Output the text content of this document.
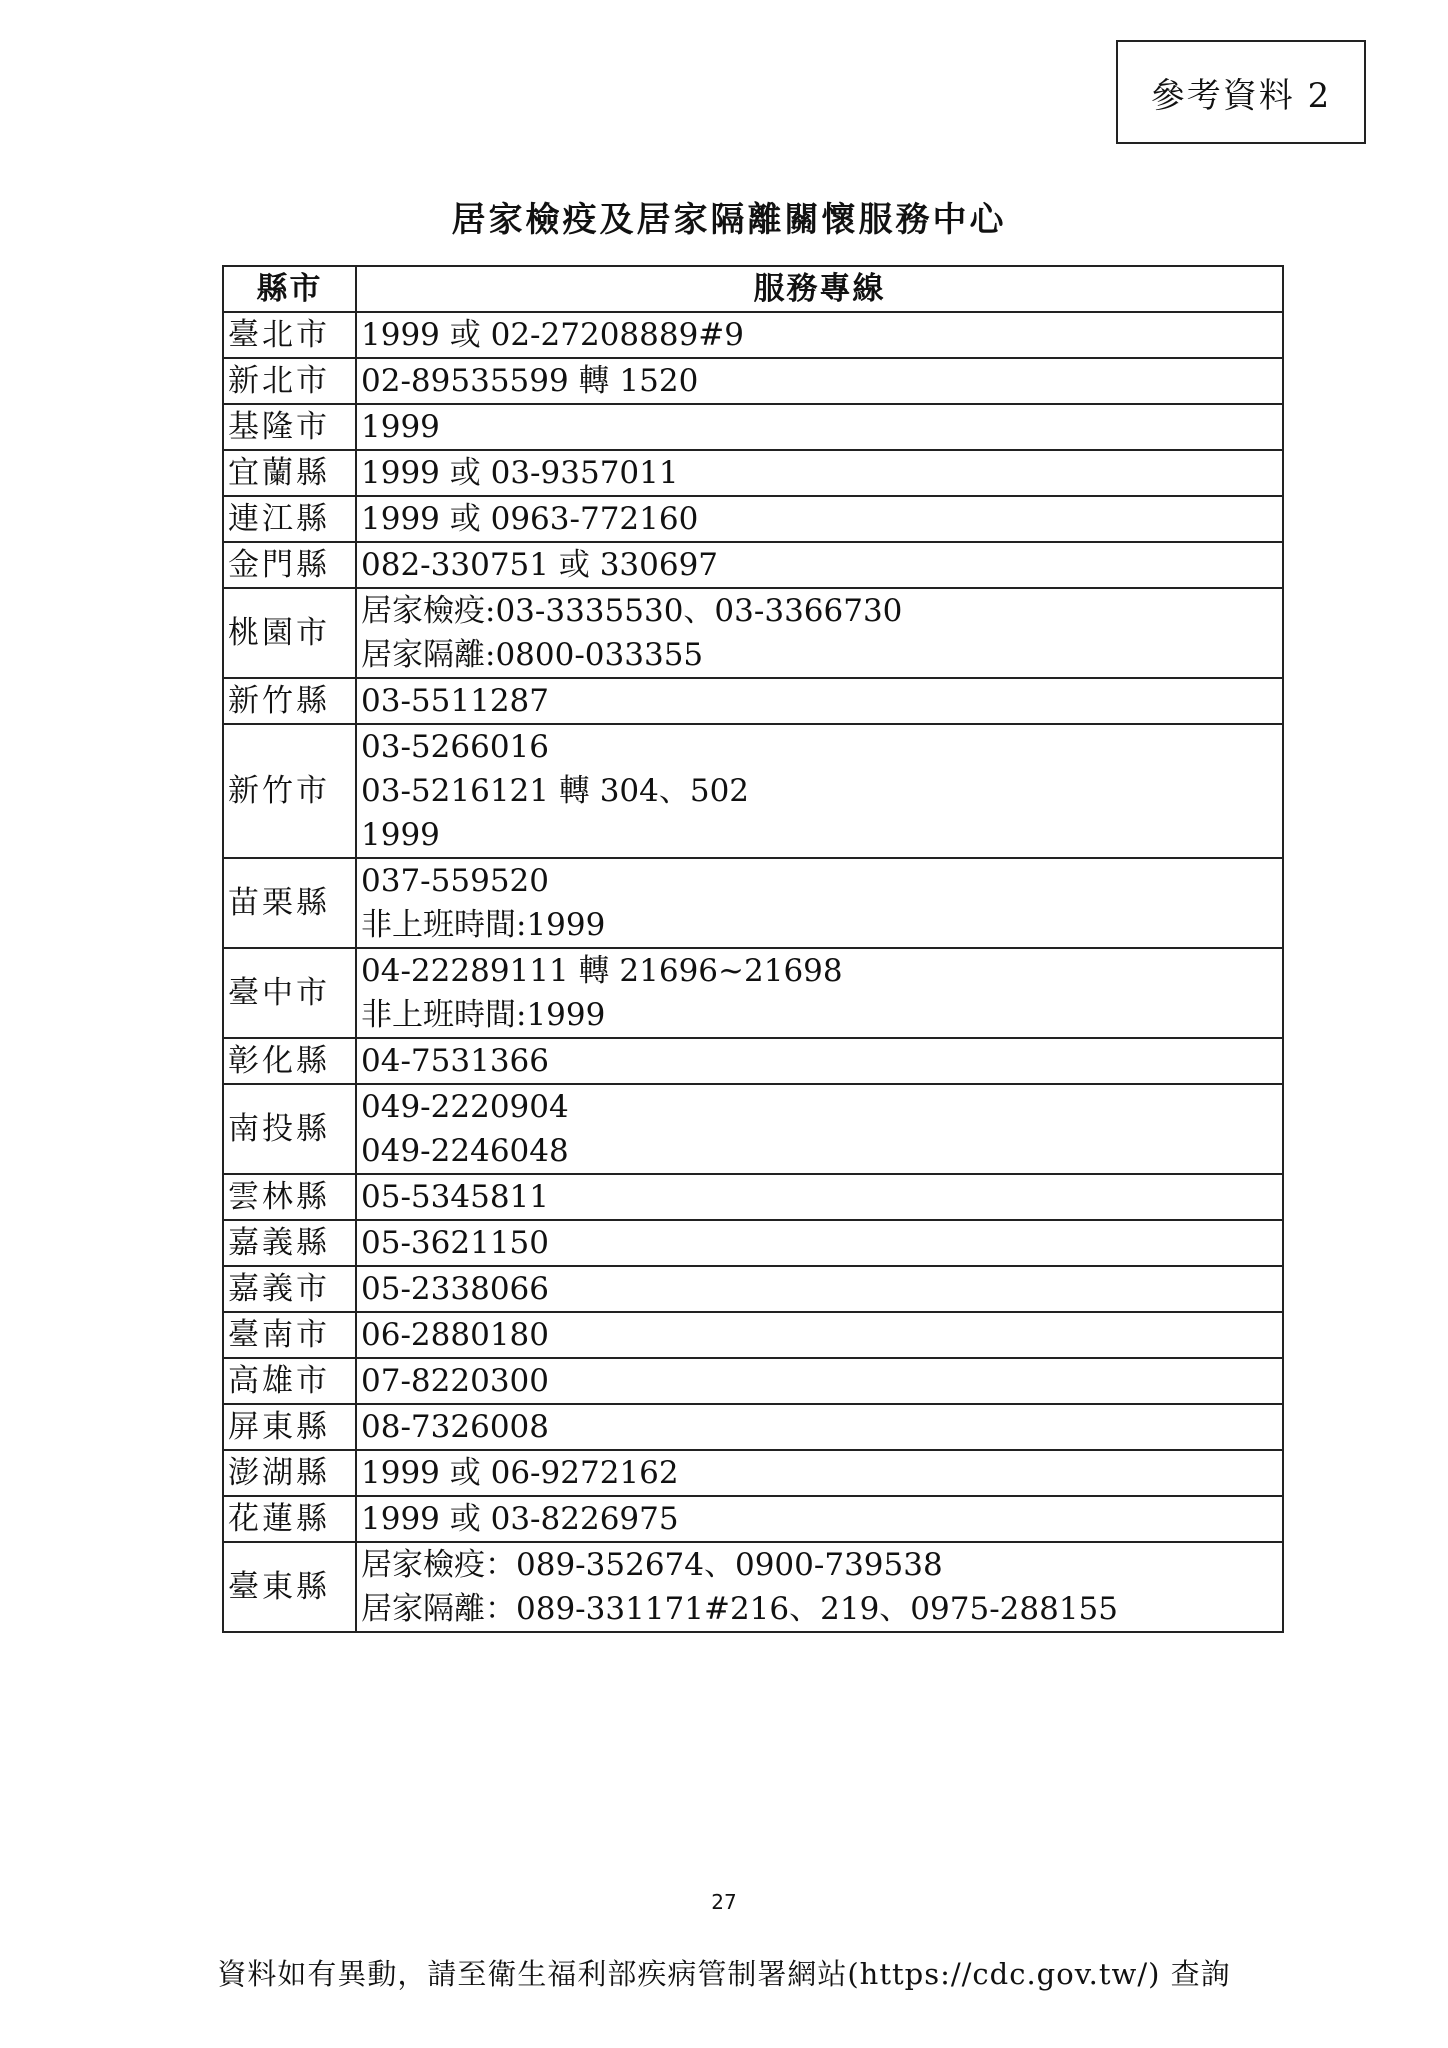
參考資料 2
居家檢疫及居家隔離關懷服務中心
縣市	服務專線
臺北市	1999 或 02-27208889#9

新北市	02-89535599 轉 1520

基隆市	1999

宜蘭縣	1999 或 03-9357011

連江縣	1999 或 0963-772160

金門縣	082-330751 或 330697

桃園市	居家檢疫:03-3335530、03-3366730
居家隔離:0800-033355

新竹縣	03-5511287

新竹市	03-5266016
03-5216121 轉 304、502
1999

苗栗縣	037-559520
非上班時間:1999

臺中市	04-22289111 轉 21696~21698
非上班時間:1999

彰化縣	04-7531366

南投縣	049-2220904
049-2246048

雲林縣	05-5345811

嘉義縣	05-3621150

嘉義市	05-2338066

臺南市	06-2880180

高雄市	07-8220300

屏東縣	08-7326008

澎湖縣	1999 或 06-9272162

花蓮縣	1999 或 03-8226975

臺東縣	居家檢疫：089-352674、0900-739538
居家隔離：089-331171#216、219、0975-288155
27
資料如有異動，請至衛生福利部疾病管制署網站(https://cdc.gov.tw/) 查詢
